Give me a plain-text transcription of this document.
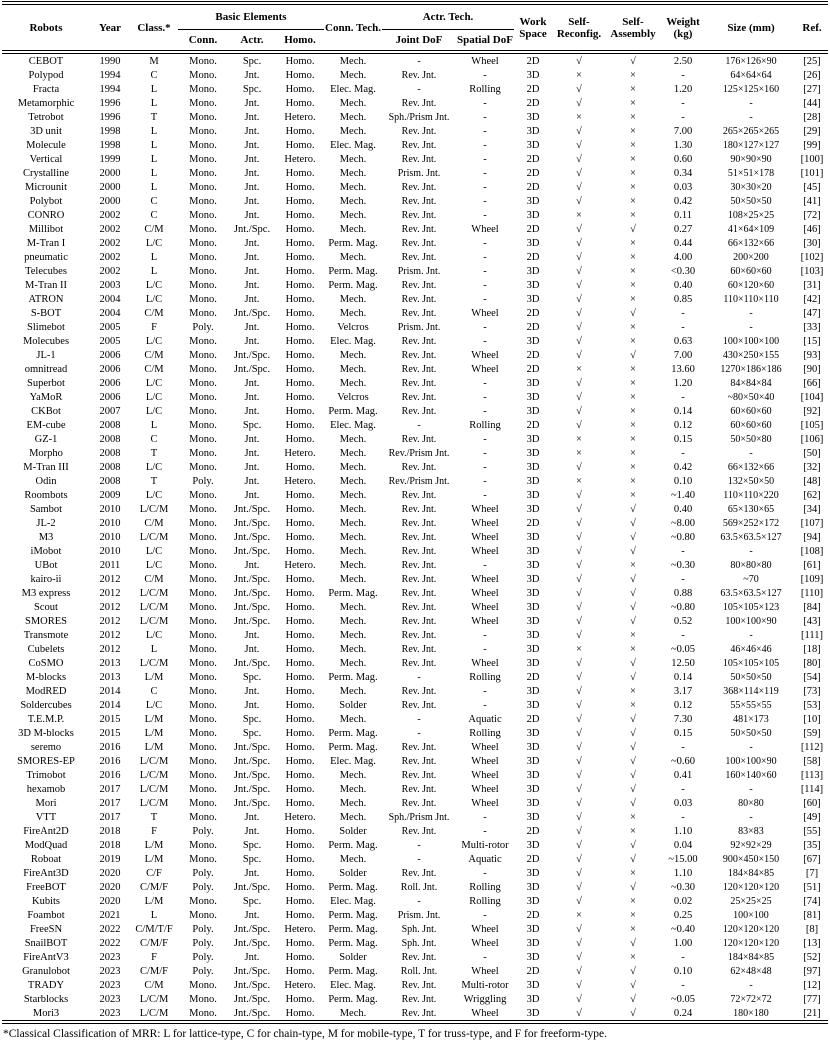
Robots	Year	Class.*	Basic Elements			Conn. Tech.	Actr. Tech.		Work Space	Self-Reconfig.	Self-Assembly	Weight (kg)	Size (mm)	Ref.
			Conn.	Actr.	Homo.		Joint DoF	Spatial DoF						
CEBOT	1990	M	Mono.	Spc.	Homo.	Mech.	-	Wheel	2D	√	√	2.50	176×126×90	[25]
Polypod	1994	C	Mono.	Jnt.	Homo.	Mech.	Rev. Jnt.	-	3D	×	×	-	64×64×64	[26]
Fracta	1994	L	Mono.	Spc.	Homo.	Elec. Mag.	-	Rolling	2D	√	×	1.20	125×125×160	[27]
Metamorphic	1996	L	Mono.	Jnt.	Homo.	Mech.	Rev. Jnt.	-	2D	√	×	-	-	[44]
Tetrobot	1996	T	Mono.	Jnt.	Hetero.	Mech.	Sph./Prism Jnt.	-	3D	×	×	-	-	[28]
3D unit	1998	L	Mono.	Jnt.	Homo.	Mech.	Rev. Jnt.	-	3D	√	×	7.00	265×265×265	[29]
Molecule	1998	L	Mono.	Jnt.	Homo.	Elec. Mag.	Rev. Jnt.	-	3D	√	×	1.30	180×127×127	[99]
Vertical	1999	L	Mono.	Jnt.	Hetero.	Mech.	Rev. Jnt.	-	2D	√	×	0.60	90×90×90	[100]
Crystalline	2000	L	Mono.	Jnt.	Homo.	Mech.	Prism. Jnt.	-	2D	√	×	0.34	51×51×178	[101]
Microunit	2000	L	Mono.	Jnt.	Homo.	Mech.	Rev. Jnt.	-	2D	√	×	0.03	30×30×20	[45]
Polybot	2000	C	Mono.	Jnt.	Homo.	Mech.	Rev. Jnt.	-	3D	√	×	0.42	50×50×50	[41]
CONRO	2002	C	Mono.	Jnt.	Homo.	Mech.	Rev. Jnt.	-	3D	×	×	0.11	108×25×25	[72]
Millibot	2002	C/M	Mono.	Jnt./Spc.	Homo.	Mech.	Rev. Jnt.	Wheel	2D	√	√	0.27	41×64×109	[46]
M-Tran I	2002	L/C	Mono.	Jnt.	Homo.	Perm. Mag.	Rev. Jnt.	-	3D	√	×	0.44	66×132×66	[30]
pneumatic	2002	L	Mono.	Jnt.	Homo.	Mech.	Rev. Jnt.	-	2D	√	×	4.00	200×200	[102]
Telecubes	2002	L	Mono.	Jnt.	Homo.	Perm. Mag.	Prism. Jnt.	-	3D	√	×	<0.30	60×60×60	[103]
M-Tran II	2003	L/C	Mono.	Jnt.	Homo.	Perm. Mag.	Rev. Jnt.	-	3D	√	×	0.40	60×120×60	[31]
ATRON	2004	L/C	Mono.	Jnt.	Homo.	Mech.	Rev. Jnt.	-	3D	√	×	0.85	110×110×110	[42]
S-BOT	2004	C/M	Mono.	Jnt./Spc.	Homo.	Mech.	Rev. Jnt.	Wheel	2D	√	√	-	-	[47]
Slimebot	2005	F	Poly.	Jnt.	Homo.	Velcros	Prism. Jnt.	-	2D	√	×	-	-	[33]
Molecubes	2005	L/C	Mono.	Jnt.	Homo.	Elec. Mag.	Rev. Jnt.	-	3D	√	×	0.63	100×100×100	[15]
JL-1	2006	C/M	Mono.	Jnt./Spc.	Homo.	Mech.	Rev. Jnt.	Wheel	2D	√	√	7.00	430×250×155	[93]
omnitread	2006	C/M	Mono.	Jnt./Spc.	Homo.	Mech.	Rev. Jnt.	Wheel	2D	×	×	13.60	1270×186×186	[90]
Superbot	2006	L/C	Mono.	Jnt.	Homo.	Mech.	Rev. Jnt.	-	3D	√	×	1.20	84×84×84	[66]
YaMoR	2006	L/C	Mono.	Jnt.	Homo.	Velcros	Rev. Jnt.	-	3D	√	×	-	~80×50×40	[104]
CKBot	2007	L/C	Mono.	Jnt.	Homo.	Perm. Mag.	Rev. Jnt.	-	3D	√	×	0.14	60×60×60	[92]
EM-cube	2008	L	Mono.	Spc.	Homo.	Elec. Mag.	-	Rolling	2D	√	×	0.12	60×60×60	[105]
GZ-1	2008	C	Mono.	Jnt.	Homo.	Mech.	Rev. Jnt.	-	3D	×	×	0.15	50×50×80	[106]
Morpho	2008	T	Mono.	Jnt.	Hetero.	Mech.	Rev./Prism Jnt.	-	3D	×	×	-	-	[50]
M-Tran III	2008	L/C	Mono.	Jnt.	Homo.	Mech.	Rev. Jnt.	-	3D	√	×	0.42	66×132×66	[32]
Odin	2008	T	Poly.	Jnt.	Hetero.	Mech.	Rev./Prism Jnt.	-	3D	×	×	0.10	132×50×50	[48]
Roombots	2009	L/C	Mono.	Jnt.	Homo.	Mech.	Rev. Jnt.	-	3D	√	×	~1.40	110×110×220	[62]
Sambot	2010	L/C/M	Mono.	Jnt./Spc.	Homo.	Mech.	Rev. Jnt.	Wheel	3D	√	√	0.40	65×130×65	[34]
JL-2	2010	C/M	Mono.	Jnt./Spc.	Homo.	Mech.	Rev. Jnt.	Wheel	2D	√	√	~8.00	569×252×172	[107]
M3	2010	L/C/M	Mono.	Jnt./Spc.	Homo.	Mech.	Rev. Jnt.	Wheel	3D	√	√	~0.80	63.5×63.5×127	[94]
iMobot	2010	L/C	Mono.	Jnt./Spc.	Homo.	Mech.	Rev. Jnt.	Wheel	3D	√	√	-	-	[108]
UBot	2011	L/C	Mono.	Jnt.	Hetero.	Mech.	Rev. Jnt.	-	3D	√	×	~0.30	80×80×80	[61]
kairo-ii	2012	C/M	Mono.	Jnt./Spc.	Homo.	Mech.	Rev. Jnt.	Wheel	3D	√	√	-	~70	[109]
M3 express	2012	L/C/M	Mono.	Jnt./Spc.	Homo.	Perm. Mag.	Rev. Jnt.	Wheel	3D	√	√	0.88	63.5×63.5×127	[110]
Scout	2012	L/C/M	Mono.	Jnt./Spc.	Homo.	Mech.	Rev. Jnt.	Wheel	3D	√	√	~0.80	105×105×123	[84]
SMORES	2012	L/C/M	Mono.	Jnt./Spc.	Homo.	Mech.	Rev. Jnt.	Wheel	3D	√	√	0.52	100×100×90	[43]
Transmote	2012	L/C	Mono.	Jnt.	Homo.	Mech.	Rev. Jnt.	-	3D	√	×	-	-	[111]
Cubelets	2012	L	Mono.	Jnt.	Homo.	Mech.	Rev. Jnt.	-	3D	×	×	~0.05	46×46×46	[18]
CoSMO	2013	L/C/M	Mono.	Jnt./Spc.	Homo.	Mech.	Rev. Jnt.	Wheel	3D	√	√	12.50	105×105×105	[80]
M-blocks	2013	L/M	Mono.	Spc.	Homo.	Perm. Mag.	-	Rolling	2D	√	√	0.14	50×50×50	[54]
ModRED	2014	C	Mono.	Jnt.	Homo.	Mech.	Rev. Jnt.	-	3D	√	×	3.17	368×114×119	[73]
Soldercubes	2014	L/C	Mono.	Jnt.	Homo.	Solder	Rev. Jnt.	-	3D	√	×	0.12	55×55×55	[53]
T.E.M.P.	2015	L/M	Mono.	Spc.	Homo.	Mech.	-	Aquatic	2D	√	√	7.30	481×173	[10]
3D M-blocks	2015	L/M	Mono.	Spc.	Homo.	Perm. Mag.	-	Rolling	3D	√	√	0.15	50×50×50	[59]
seremo	2016	L/M	Mono.	Jnt./Spc.	Homo.	Perm. Mag.	Rev. Jnt.	Wheel	3D	√	√	-	-	[112]
SMORES-EP	2016	L/C/M	Mono.	Jnt./Spc.	Homo.	Elec. Mag.	Rev. Jnt.	Wheel	3D	√	√	~0.60	100×100×90	[58]
Trimobot	2016	L/C/M	Mono.	Jnt./Spc.	Homo.	Mech.	Rev. Jnt.	Wheel	3D	√	√	0.41	160×140×60	[113]
hexamob	2017	L/C/M	Mono.	Jnt./Spc.	Homo.	Mech.	Rev. Jnt.	Wheel	3D	√	√	-	-	[114]
Mori	2017	L/C/M	Mono.	Jnt./Spc.	Homo.	Mech.	Rev. Jnt.	Wheel	3D	√	√	0.03	80×80	[60]
VTT	2017	T	Mono.	Jnt.	Hetero.	Mech.	Sph./Prism Jnt.	-	3D	√	×	-	-	[49]
FireAnt2D	2018	F	Poly.	Jnt.	Homo.	Solder	Rev. Jnt.	-	2D	√	×	1.10	83×83	[55]
ModQuad	2018	L/M	Mono.	Spc.	Homo.	Perm. Mag.	-	Multi-rotor	3D	√	√	0.04	92×92×29	[35]
Roboat	2019	L/M	Mono.	Spc.	Homo.	Mech.	-	Aquatic	2D	√	√	~15.00	900×450×150	[67]
FireAnt3D	2020	C/F	Poly.	Jnt.	Homo.	Solder	Rev. Jnt.	-	3D	√	×	1.10	184×84×85	[7]
FreeBOT	2020	C/M/F	Poly.	Jnt./Spc.	Homo.	Perm. Mag.	Roll. Jnt.	Rolling	3D	√	√	~0.30	120×120×120	[51]
Kubits	2020	L/M	Mono.	Spc.	Homo.	Elec. Mag.	-	Rolling	3D	√	×	0.02	25×25×25	[74]
Foambot	2021	L	Mono.	Jnt.	Homo.	Perm. Mag.	Prism. Jnt.	-	2D	×	×	0.25	100×100	[81]
FreeSN	2022	C/M/T/F	Poly.	Jnt./Spc.	Hetero.	Perm. Mag.	Sph. Jnt.	Wheel	3D	√	×	~0.40	120×120×120	[8]
SnailBOT	2022	C/M/F	Poly.	Jnt./Spc.	Homo.	Perm. Mag.	Sph. Jnt.	Wheel	3D	√	√	1.00	120×120×120	[13]
FireAntV3	2023	F	Poly.	Jnt.	Homo.	Solder	Rev. Jnt.	-	3D	√	×	-	184×84×85	[52]
Granulobot	2023	C/M/F	Poly.	Jnt./Spc.	Homo.	Perm. Mag.	Roll. Jnt.	Wheel	2D	√	√	0.10	62×48×48	[97]
TRADY	2023	C/M	Mono.	Jnt./Spc.	Hetero.	Elec. Mag.	Rev. Jnt.	Multi-rotor	3D	√	√	-	-	[12]
Starblocks	2023	L/C/M	Mono.	Jnt./Spc.	Homo.	Perm. Mag.	Rev. Jnt.	Wriggling	3D	√	√	~0.05	72×72×72	[77]
Mori3	2023	L/C/M	Mono.	Jnt./Spc.	Homo.	Mech.	Rev. Jnt.	Wheel	3D	√	√	0.24	180×180	[21]
*Classical Classification of MRR: L for lattice-type, C for chain-type, M for mobile-type, T for truss-type, and F for freeform-type.
